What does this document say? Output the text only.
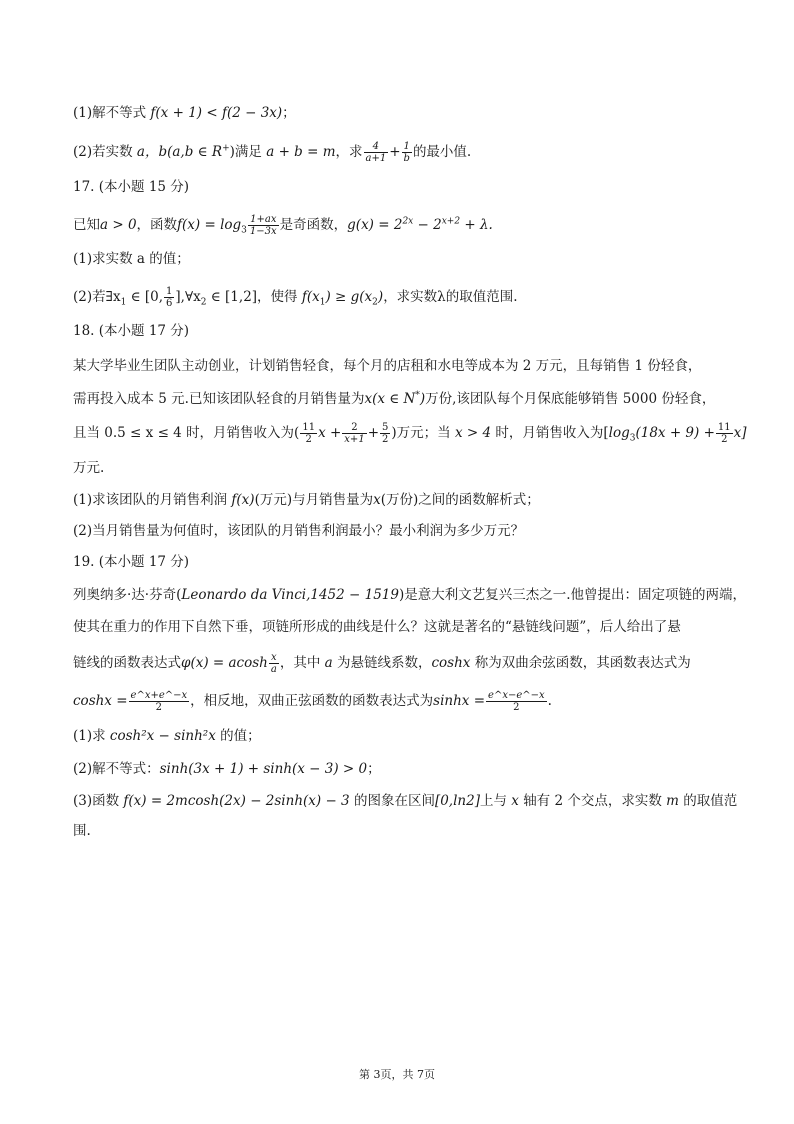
(1)解不等式 f(x + 1) < f(2 − 3x)；
(2)若实数 a，b(a,b ∈ R+)满足 a + b = m，求 $\frac{4}{a+1} + \frac{1}{b}$ 的最小值.
17. (本小题 15 分)
已知a > 0，函数$f(x) = \log_3 \frac{1+ax}{1-3x}$ 是奇函数，$g(x) = 2^{2x} - 2^{x+2} + \lambda$.
(1)求实数 a 的值；
(2)若$\exists x_1$ ∈ [0, $\frac{1}{6}$ ]$,\forall x_2$ ∈ [1,2]，使得 $f(x_1) \ge g(x_2)$，求实数λ的取值范围.
18. (本小题 17 分)
某大学毕业生团队主动创业，计划销售轻食，每个月的店租和水电等成本为 2 万元，且每销售 1 份轻食，
需再投入成本 5 元.已知该团队轻食的月销售量为x(x ∈ N*)万份,该团队每个月保底能够销售 5000 份轻食，
且当 0.5 ≤ x ≤ 4 时，月销售收入为( $\frac{11}{2}$ $x + \frac{2}{x+1} + \frac{5}{2}$ )万元；当 x > 4 时，月销售收入为$[\log_3(18x + 9) + \frac{11}{2} x]$
万元.
(1)求该团队的月销售利润 f(x)(万元)与月销售量为x(万份)之间的函数解析式；
(2)当月销售量为何值时，该团队的月销售利润最小？最小利润为多少万元？
19. (本小题 17 分)
列奥纳多·达·芬奇(Leonardo da Vinci,1452 − 1519)是意大利文艺复兴三杰之一.他曾提出：固定项链的两端，
使其在重力的作用下自然下垂，项链所形成的曲线是什么？这就是著名的“悬链线问题”，后人给出了悬
链线的函数表达式φ(x) = acosh $\frac{x}{a}$ ，其中 a 为悬链线系数，coshx 称为双曲余弦函数，其函数表达式为
$\cosh x = \frac{e\^{}x+e\^{}-x}{2}$ ，相反地，双曲正弦函数的函数表达式为$\sinh x = \frac{e\^{}x-e\^{}-x}{2}$ .
(1)求 cosh²x − sinh²x 的值；
(2)解不等式：sinh(3x + 1) + sinh(x − 3) > 0；
(3)函数 f(x) = 2mcosh(2x) − 2sinh(x) − 3 的图象在区间[0,ln2]上与 x 轴有 2 个交点，求实数 m 的取值范
围.
第 3页，共 7页
